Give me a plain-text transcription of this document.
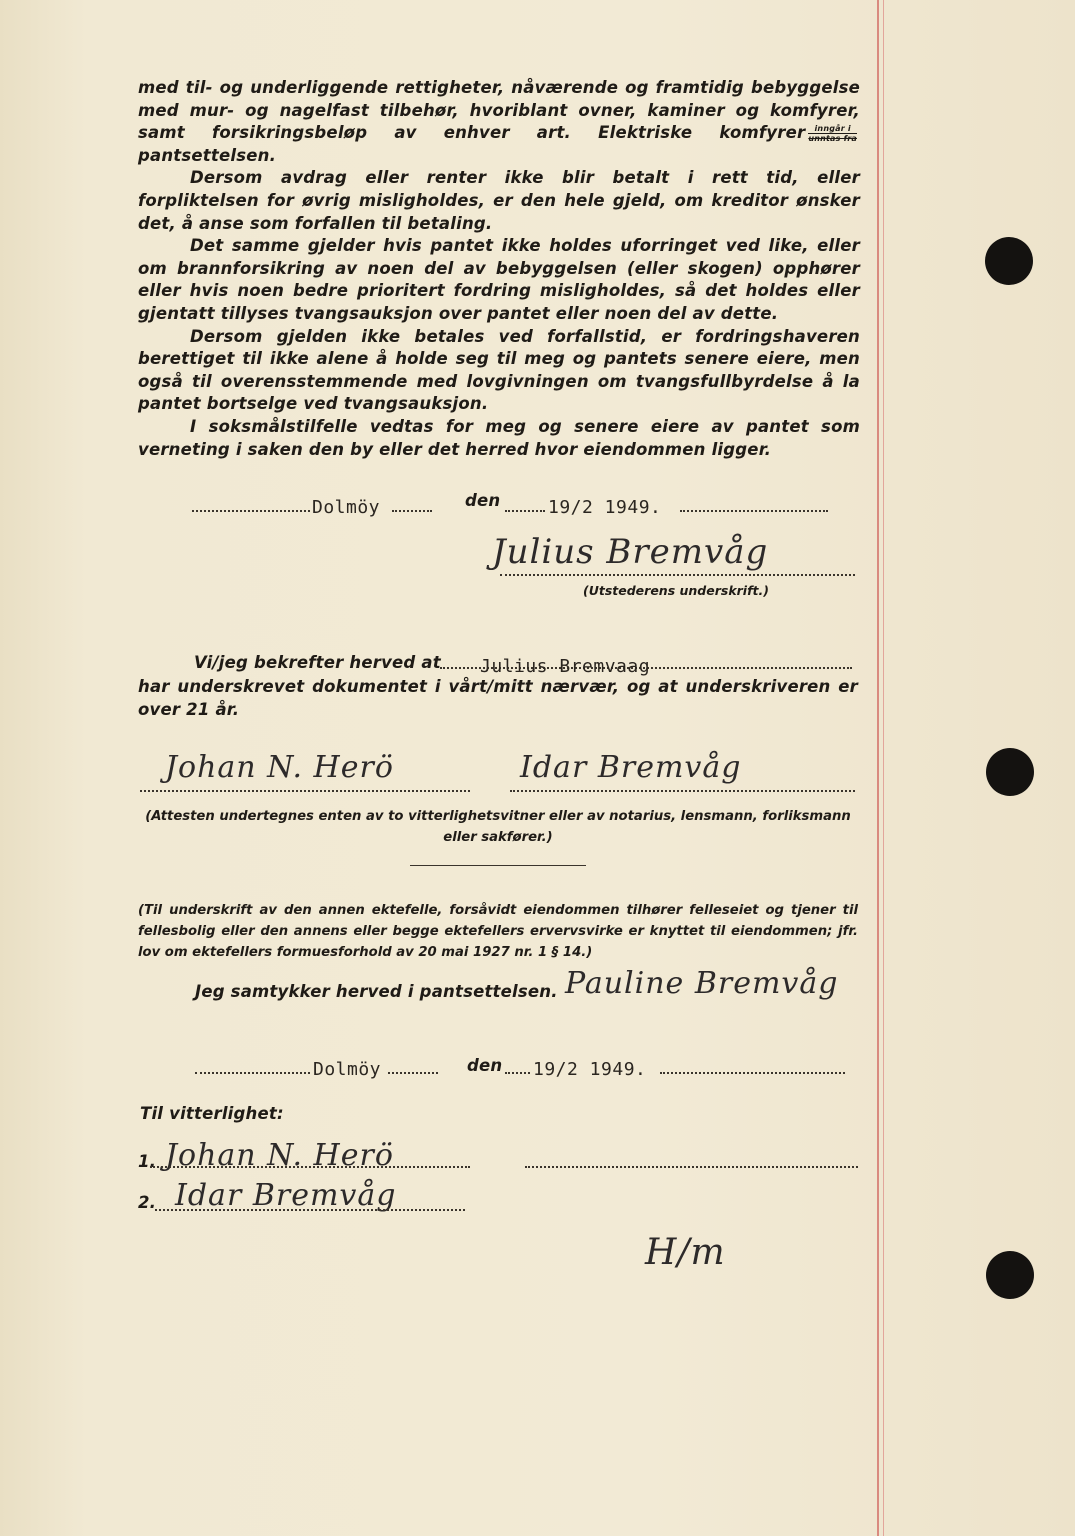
med til- og underliggende rettigheter, nåværende og framtidig bebyggelse med mur- og nagelfast tilbehør, hvoriblant ovner, kaminer og komfyrer, samt forsikringsbeløp av enhver art. Elektriske komfyrer	inngår i
unntas fra
pantsettelsen.

Dersom avdrag eller renter ikke blir betalt i rett tid, eller forpliktelsen for øvrig misligholdes, er den hele gjeld, om kreditor ønsker det, å anse som forfallen til betaling.

Det samme gjelder hvis pantet ikke holdes uforringet ved like, eller om brannforsikring av noen del av bebyggelsen (eller skogen) opphører eller hvis noen bedre prioritert fordring misligholdes, så det holdes eller gjentatt tillyses tvangsauksjon over pantet eller noen del av dette.

Dersom gjelden ikke betales ved forfallstid, er fordringshaveren berettiget til ikke alene å holde seg til meg og pantets senere eiere, men også til overensstemmende med lovgivningen om tvangsfullbyrdelse å la pantet bortselge ved tvangsauksjon.

I soksmålstilfelle vedtas for meg og senere eiere av pantet som verneting i saken den by eller det herred hvor eiendommen ligger.

Dolmöy	den	19/2 1949.
Julius Bremvåg
(Utstederens underskrift.)
Vi/jeg bekrefter herved at Julius Bremvaag
har underskrevet dokumentet i vårt/mitt nærvær, og at underskriveren er over 21 år.
Johan N. Herö	Idar Bremvåg
(Attesten undertegnes enten av to vitterlighetsvitner eller av notarius, lensmann, forliksmann eller sakfører.)
(Til underskrift av den annen ektefelle, forsåvidt eiendommen tilhører felleseiet og tjener til fellesbolig eller den annens eller begge ektefellers ervervsvirke er knyttet til eiendommen; jfr. lov om ektefellers formuesforhold av 20 mai 1927 nr. 1 § 14.)
Jeg samtykker herved i pantsettelsen. Pauline Bremvåg
Dolmöy	den 19/2 1949.
Til vitterlighet:
1. Johan N. Herö
2. Idar Bremvåg
H/m
